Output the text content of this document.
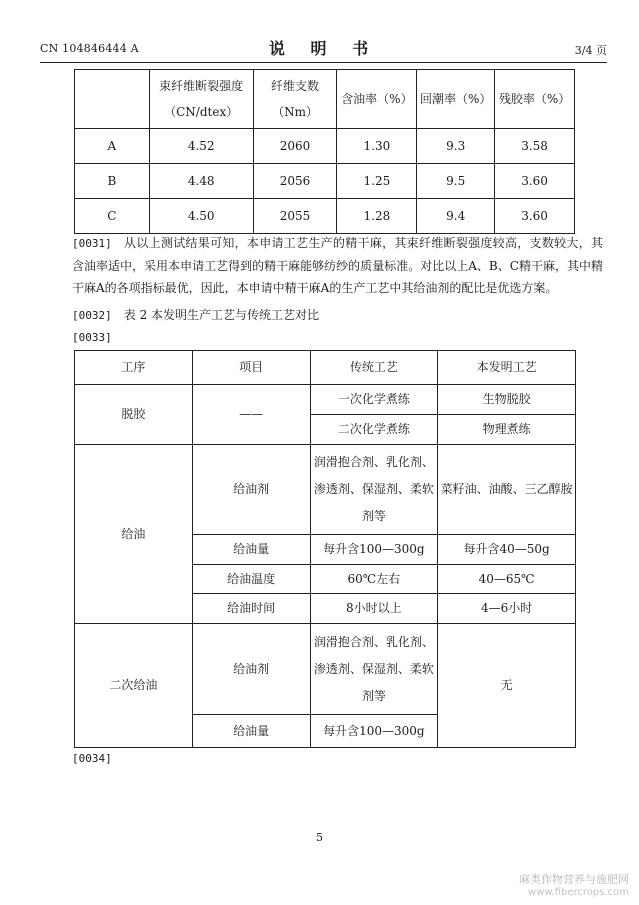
CN 104846444 A	说 明 书	3/4 页
	束纤维断裂强度（CN/dtex）	纤维支数（Nm）	含油率（%）	回潮率（%）	残胶率（%）
A	4.52	2060	1.30	9.3	3.58
B	4.48	2056	1.25	9.5	3.60
C	4.50	2055	1.28	9.4	3.60
[0031] 从以上测试结果可知，本申请工艺生产的精干麻，其束纤维断裂强度较高，支数较大，其含油率适中，采用本申请工艺得到的精干麻能够纺纱的质量标准。对比以上A、B、C精干麻，其中精干麻A的各项指标最优，因此，本申请中精干麻A的生产工艺中其给油剂的配比是优选方案。
[0032] 表 2 本发明生产工艺与传统工艺对比
[0033]
工序	项目	传统工艺	本发明工艺
脱胶	——	一次化学煮练	生物脱胶
		二次化学煮练	物理煮练
给油	给油剂	润滑抱合剂、乳化剂、渗透剂、保湿剂、柔软剂等	菜籽油、油酸、三乙醇胺
	给油量	每升含100—300g	每升含40—50g
	给油温度	60℃左右	40—65℃
	给油时间	8小时以上	4—6小时
二次给油	给油剂	润滑抱合剂、乳化剂、渗透剂、保湿剂、柔软剂等	无
	给油量	每升含100—300g	
[0034]
5
麻类作物营养与施肥网
www.fibercrops.com
